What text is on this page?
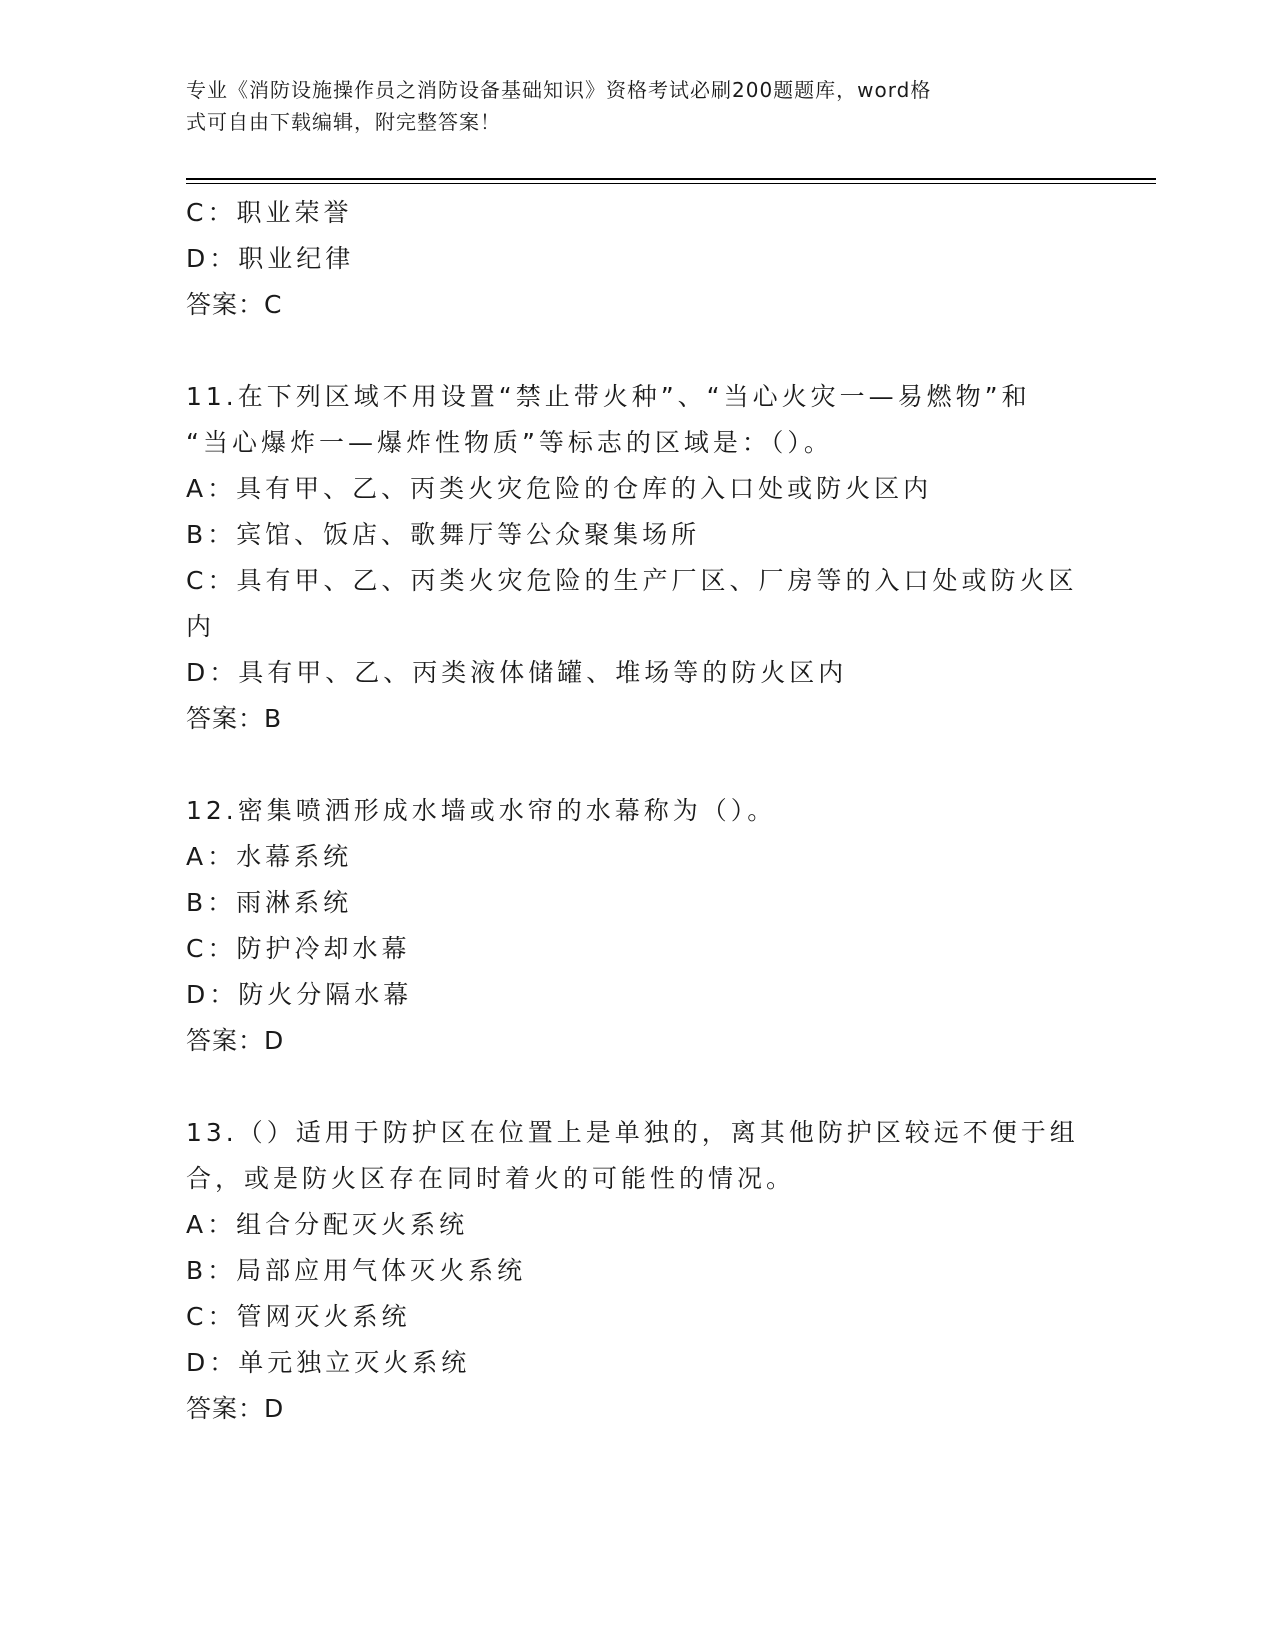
专业《消防设施操作员之消防设备基础知识》资格考试必刷200题题库，word格
式可自由下载编辑，附完整答案！
C：职业荣誉
D：职业纪律
答案：C
11.在下列区域不用设置“禁止带火种”、“当心火灾一—易燃物”和
“当心爆炸一—爆炸性物质”等标志的区域是：（）。
A：具有甲、乙、丙类火灾危险的仓库的入口处或防火区内
B：宾馆、饭店、歌舞厅等公众聚集场所
C：具有甲、乙、丙类火灾危险的生产厂区、厂房等的入口处或防火区
内
D：具有甲、乙、丙类液体储罐、堆场等的防火区内
答案：B
12.密集喷洒形成水墙或水帘的水幕称为（）。
A：水幕系统
B：雨淋系统
C：防护冷却水幕
D：防火分隔水幕
答案：D
13.（）适用于防护区在位置上是单独的，离其他防护区较远不便于组
合，或是防火区存在同时着火的可能性的情况。
A：组合分配灭火系统
B：局部应用气体灭火系统
C：管网灭火系统
D：单元独立灭火系统
答案：D
